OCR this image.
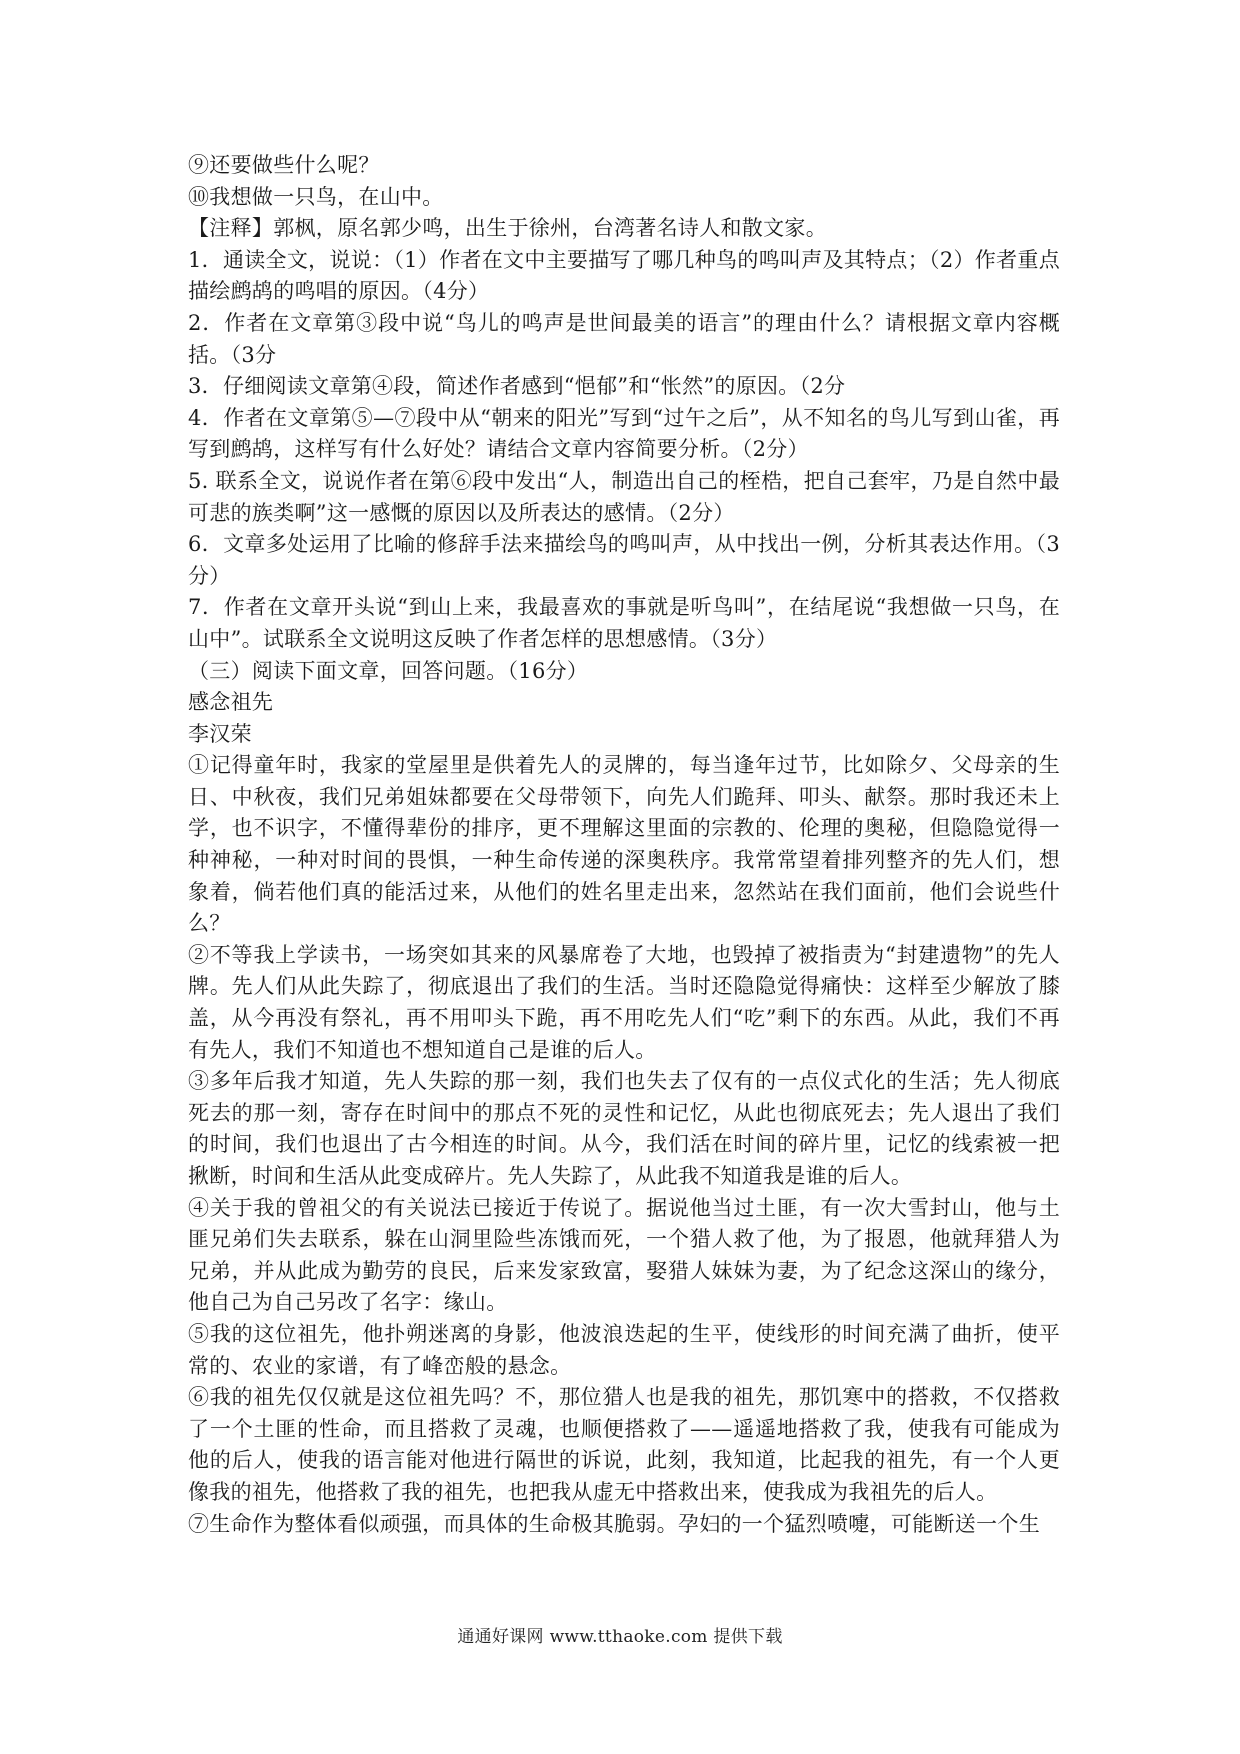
⑨还要做些什么呢？

⑩我想做一只鸟，在山中。

【注释】郭枫，原名郭少鸣，出生于徐州，台湾著名诗人和散文家。

1．通读全文，说说：（1）作者在文中主要描写了哪几种鸟的鸣叫声及其特点；（2）作者重点描绘鹧鸪的鸣唱的原因。（4分）

2．作者在文章第③段中说“鸟儿的鸣声是世间最美的语言”的理由什么？请根据文章内容概括。（3分

3．仔细阅读文章第④段，简述作者感到“悒郁”和“怅然”的原因。（2分

4．作者在文章第⑤—⑦段中从“朝来的阳光”写到“过午之后”，从不知名的鸟儿写到山雀，再写到鹧鸪，这样写有什么好处？请结合文章内容简要分析。（2分）

5. 联系全文，说说作者在第⑥段中发出“人，制造出自己的桎梏，把自己套牢，乃是自然中最可悲的族类啊”这一感慨的原因以及所表达的感情。（2分）

6．文章多处运用了比喻的修辞手法来描绘鸟的鸣叫声，从中找出一例，分析其表达作用。（3分）

7．作者在文章开头说“到山上来，我最喜欢的事就是听鸟叫”，在结尾说“我想做一只鸟，在山中”。试联系全文说明这反映了作者怎样的思想感情。（3分）

（三）阅读下面文章，回答问题。（16分）

感念祖先

李汉荣

①记得童年时，我家的堂屋里是供着先人的灵牌的，每当逢年过节，比如除夕、父母亲的生日、中秋夜，我们兄弟姐妹都要在父母带领下，向先人们跪拜、叩头、献祭。那时我还未上学，也不识字，不懂得辈份的排序，更不理解这里面的宗教的、伦理的奥秘，但隐隐觉得一种神秘，一种对时间的畏惧，一种生命传递的深奥秩序。我常常望着排列整齐的先人们，想象着，倘若他们真的能活过来，从他们的姓名里走出来，忽然站在我们面前，他们会说些什么？

②不等我上学读书，一场突如其来的风暴席卷了大地，也毁掉了被指责为“封建遗物”的先人牌。先人们从此失踪了，彻底退出了我们的生活。当时还隐隐觉得痛快：这样至少解放了膝盖，从今再没有祭礼，再不用叩头下跪，再不用吃先人们“吃”剩下的东西。从此，我们不再有先人，我们不知道也不想知道自己是谁的后人。

③多年后我才知道，先人失踪的那一刻，我们也失去了仅有的一点仪式化的生活；先人彻底死去的那一刻，寄存在时间中的那点不死的灵性和记忆，从此也彻底死去；先人退出了我们的时间，我们也退出了古今相连的时间。从今，我们活在时间的碎片里，记忆的线索被一把揪断，时间和生活从此变成碎片。先人失踪了，从此我不知道我是谁的后人。

④关于我的曾祖父的有关说法已接近于传说了。据说他当过土匪，有一次大雪封山，他与土匪兄弟们失去联系，躲在山洞里险些冻饿而死，一个猎人救了他，为了报恩，他就拜猎人为兄弟，并从此成为勤劳的良民，后来发家致富，娶猎人妹妹为妻，为了纪念这深山的缘分，他自己为自己另改了名字：缘山。

⑤我的这位祖先，他扑朔迷离的身影，他波浪迭起的生平，使线形的时间充满了曲折，使平常的、农业的家谱，有了峰峦般的悬念。

⑥我的祖先仅仅就是这位祖先吗？不，那位猎人也是我的祖先，那饥寒中的搭救，不仅搭救了一个土匪的性命，而且搭救了灵魂，也顺便搭救了——遥遥地搭救了我，使我有可能成为他的后人，使我的语言能对他进行隔世的诉说，此刻，我知道，比起我的祖先，有一个人更像我的祖先，他搭救了我的祖先，也把我从虚无中搭救出来，使我成为我祖先的后人。

⑦生命作为整体看似顽强，而具体的生命极其脆弱。孕妇的一个猛烈喷嚏，可能断送一个生

通通好课网 www.tthaoke.com 提供下载
